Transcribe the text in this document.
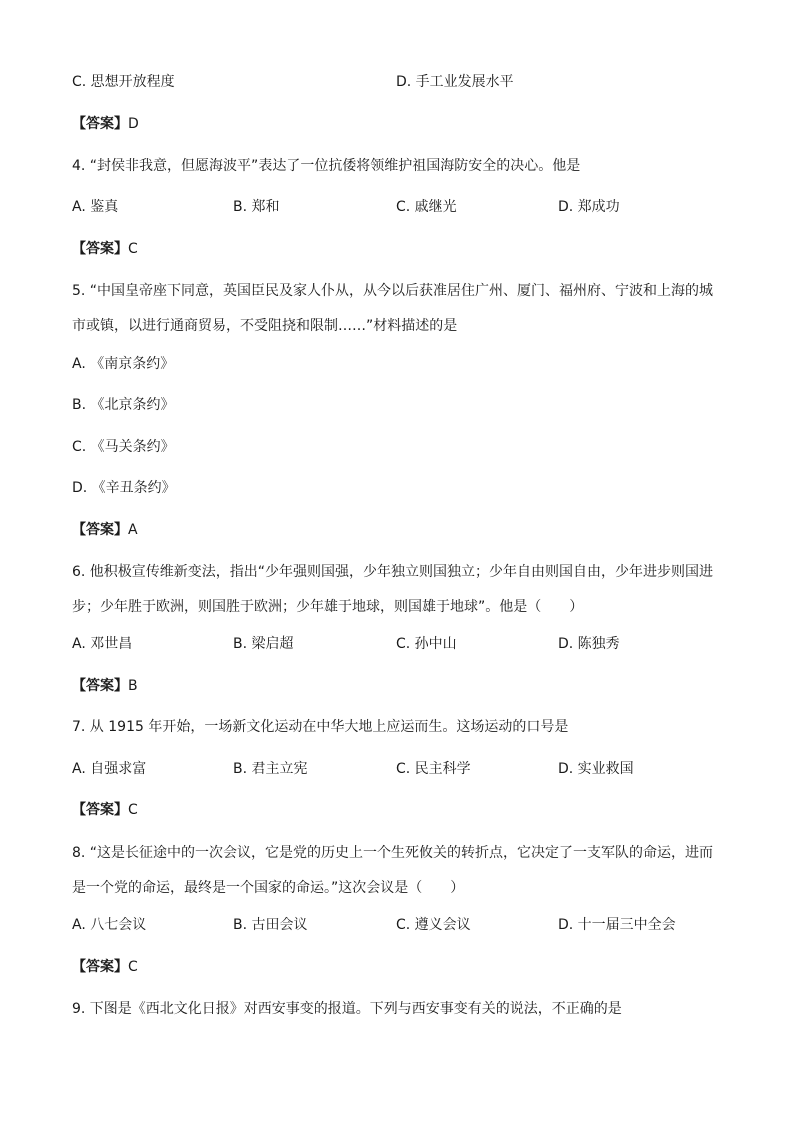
C. 思想开放程度	D. 手工业发展水平
【答案】D
4. “封侯非我意，但愿海波平”表达了一位抗倭将领维护祖国海防安全的决心。他是
A. 鉴真	B. 郑和	C. 戚继光	D. 郑成功
【答案】C
5. “中国皇帝座下同意，英国臣民及家人仆从，从今以后获准居住广州、厦门、福州府、宁波和上海的城
市或镇，以进行通商贸易，不受阻挠和限制……”材料描述的是
A. 《南京条约》
B. 《北京条约》
C. 《马关条约》
D. 《辛丑条约》
【答案】A
6. 他积极宣传维新变法，指出“少年强则国强，少年独立则国独立；少年自由则国自由，少年进步则国进
步；少年胜于欧洲，则国胜于欧洲；少年雄于地球，则国雄于地球”。他是（　　）
A. 邓世昌	B. 梁启超	C. 孙中山	D. 陈独秀
【答案】B
7. 从 1915 年开始，一场新文化运动在中华大地上应运而生。这场运动的口号是
A. 自强求富	B. 君主立宪	C. 民主科学	D. 实业救国
【答案】C
8. “这是长征途中的一次会议，它是党的历史上一个生死攸关的转折点，它决定了一支军队的命运，进而
是一个党的命运，最终是一个国家的命运。”这次会议是（　　）
A. 八七会议	B. 古田会议	C. 遵义会议	D. 十一届三中全会
【答案】C
9. 下图是《西北文化日报》对西安事变的报道。下列与西安事变有关的说法，不正确的是
